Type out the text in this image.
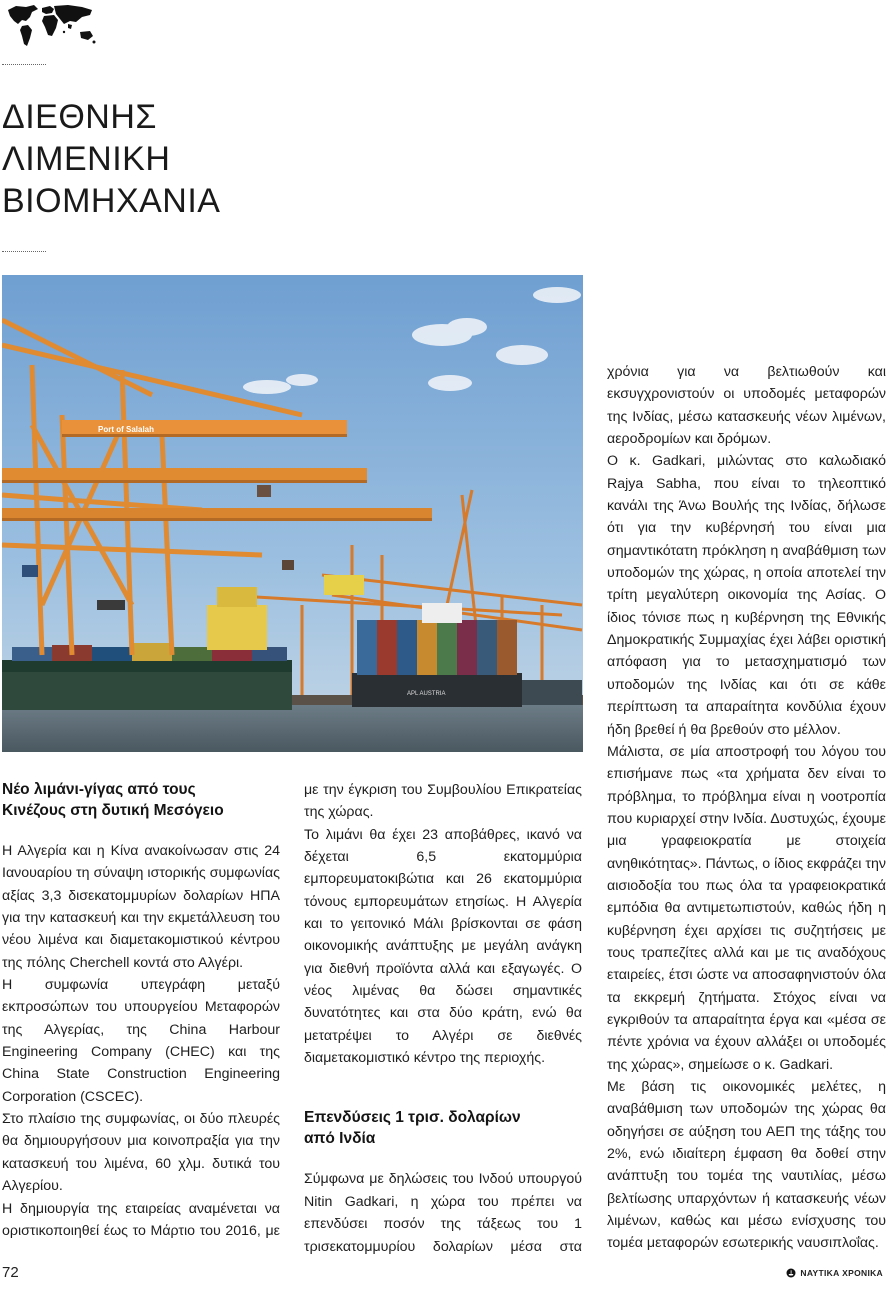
ΔΙΕΘΝΗΣ
ΛΙΜΕΝΙΚΗ
ΒΙΟΜΗΧΑΝΙΑ
APL AUSTRIA
Port of Salalah
Νέο λιμάνι-γίγας από τους
Κινέζους στη δυτική Μεσόγειο

Η Αλγερία και η Κίνα ανακοίνωσαν στις 24 Ιανουαρίου τη σύναψη ιστορικής συμφωνίας αξίας 3,3 δισεκατομμυρίων δολαρίων ΗΠΑ για την κατασκευή και την εκμετάλλευση του νέου λιμένα και διαμετακομιστικού κέντρου της πόλης Cherchell κοντά στο Αλγέρι.

Η συμφωνία υπεγράφη μεταξύ εκπροσώπων του υπουργείου Μεταφορών της Αλγερίας, της China Harbour Engineering Company (CHEC) και της China State Construction Engineering Corporation (CSCEC).

Στο πλαίσιο της συμφωνίας, οι δύο πλευρές θα δημιουργήσουν μια κοινοπραξία για την κατασκευή του λιμένα, 60 χλμ. δυτικά του Αλγερίου.

Η δημιουργία της εταιρείας αναμένεται να οριστικοποιηθεί έως το Μάρτιο του 2016, με

με την έγκριση του Συμβουλίου Επικρατείας της χώρας.

Το λιμάνι θα έχει 23 αποβάθρες, ικανό να δέχεται 6,5 εκατομμύρια εμπορευματοκιβώτια και 26 εκατομμύρια τόνους εμπορευμάτων ετησίως. Η Αλγερία και το γειτονικό Μάλι βρίσκονται σε φάση οικονομικής ανάπτυξης με μεγάλη ανάγκη για διεθνή προϊόντα αλλά και εξαγωγές. Ο νέος λιμένας θα δώσει σημαντικές δυνατότητες και στα δύο κράτη, ενώ θα μετατρέψει το Αλγέρι σε διεθνές διαμετακομιστικό κέντρο της περιοχής.

Επενδύσεις 1 τρισ. δολαρίων
από Ινδία

Σύμφωνα με δηλώσεις του Ινδού υπουργού Nitin Gadkari, η χώρα του πρέπει να επενδύσει ποσόν της τάξεως του 1 τρισεκατομμυρίου δολαρίων μέσα στα

χρόνια για να βελτιωθούν και εκσυγχρονιστούν οι υποδομές μεταφορών της Ινδίας, μέσω κατασκευής νέων λιμένων, αεροδρομίων και δρόμων.

Ο κ. Gadkari, μιλώντας στο καλωδιακό Rajya Sabha, που είναι το τηλεοπτικό κανάλι της Άνω Βουλής της Ινδίας, δήλωσε ότι για την κυβέρνησή του είναι μια σημαντικότατη πρόκληση η αναβάθμιση των υποδομών της χώρας, η οποία αποτελεί την τρίτη μεγαλύτερη οικονομία της Ασίας. Ο ίδιος τόνισε πως η κυβέρνηση της Εθνικής Δημοκρατικής Συμμαχίας έχει λάβει οριστική απόφαση για το μετασχηματισμό των υποδομών της Ινδίας και ότι σε κάθε περίπτωση τα απαραίτητα κονδύλια έχουν ήδη βρεθεί ή θα βρεθούν στο μέλλον.

Μάλιστα, σε μία αποστροφή του λόγου του επισήμανε πως «τα χρήματα δεν είναι το πρόβλημα, το πρόβλημα είναι η νοοτροπία που κυριαρχεί στην Ινδία. Δυστυχώς, έχουμε μια γραφειοκρατία με στοιχεία ανηθικότητας». Πάντως, ο ίδιος εκφράζει την αισιοδοξία του πως όλα τα γραφειοκρατικά εμπόδια θα αντιμετωπιστούν, καθώς ήδη η κυβέρνηση έχει αρχίσει τις συζητήσεις με τους τραπεζίτες αλλά και με τις αναδόχους εταιρείες, έτσι ώστε να αποσαφηνιστούν όλα τα εκκρεμή ζητήματα. Στόχος είναι να εγκριθούν τα απαραίτητα έργα και «μέσα σε πέντε χρόνια να έχουν αλλάξει οι υποδομές της χώρας», σημείωσε ο κ. Gadkari.

Με βάση τις οικονομικές μελέτες, η αναβάθμιση των υποδομών της χώρας θα οδηγήσει σε αύξηση του ΑΕΠ της τάξης του 2%, ενώ ιδιαίτερη έμφαση θα δοθεί στην ανάπτυξη του τομέα της ναυτιλίας, μέσω βελτίωσης υπαρχόντων ή κατασκευής νέων λιμένων, καθώς και μέσω ενίσχυσης του τομέα μεταφορών εσωτερικής ναυσιπλοΐας.

72	ΝΑΥΤΙΚΑ ΧΡΟΝΙΚΑ
